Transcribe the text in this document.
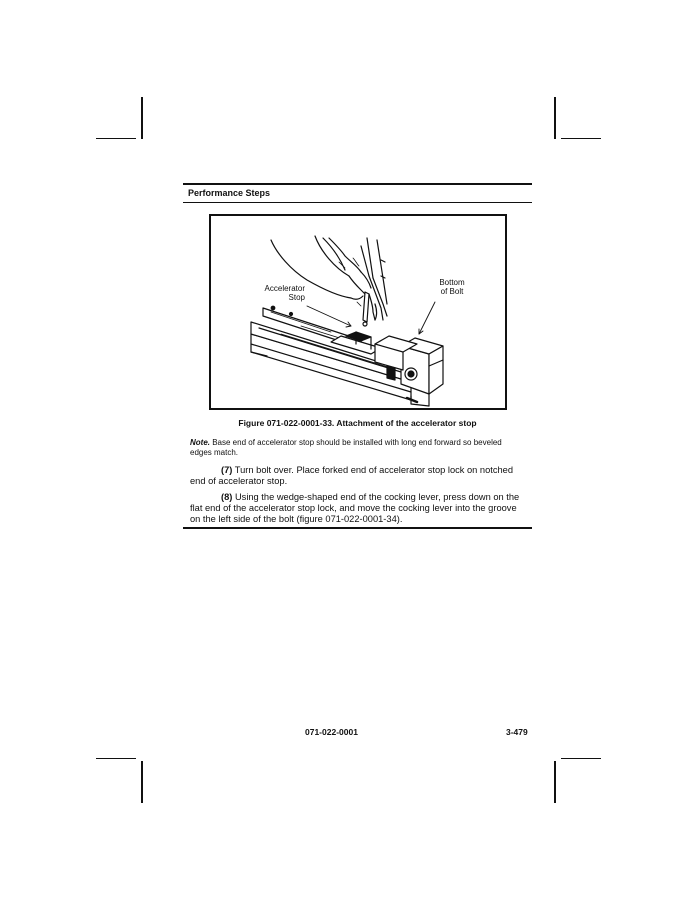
Performance Steps
Accelerator
Stop
Bottom
of Bolt
Figure 071-022-0001-33. Attachment of the accelerator stop
Note. Base end of accelerator stop should be installed with long end forward so beveled edges match.
(7) Turn bolt over. Place forked end of accelerator stop lock on notched end of accelerator stop.
(8) Using the wedge-shaped end of the cocking lever, press down on the flat end of the accelerator stop lock, and move the cocking lever into the groove on the left side of the bolt (figure 071-022-0001-34).
071-022-0001	3-479
